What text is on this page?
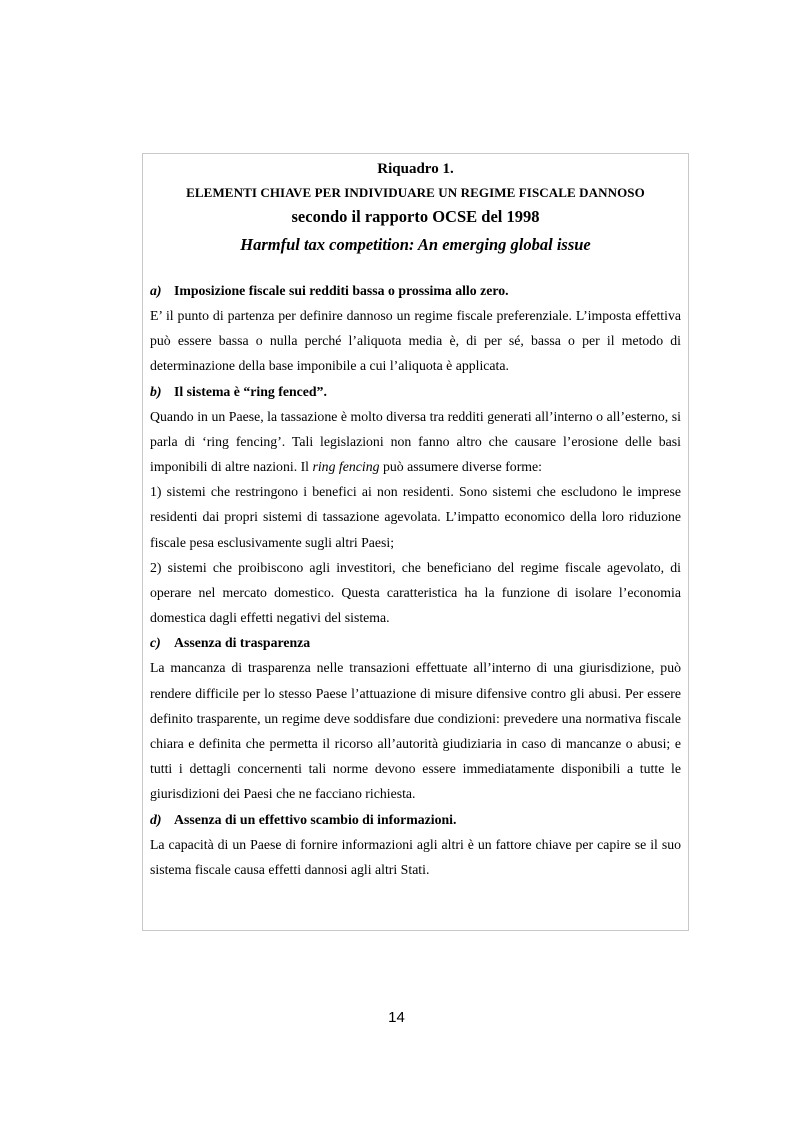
Riquadro 1.

ELEMENTI CHIAVE PER INDIVIDUARE UN REGIME FISCALE DANNOSO

secondo il rapporto OCSE del 1998

Harmful tax competition: An emerging global issue

a) Imposizione fiscale sui redditi bassa o prossima allo zero.

E’ il punto di partenza per definire dannoso un regime fiscale preferenziale. L’imposta effettiva può essere bassa o nulla perché l’aliquota media è, di per sé, bassa o per il metodo di determinazione della base imponibile a cui l’aliquota è applicata.

b) Il sistema è “ring fenced”.

Quando in un Paese, la tassazione è molto diversa tra redditi generati all’interno o all’esterno, si parla di ‘ring fencing’. Tali legislazioni non fanno altro che causare l’erosione delle basi imponibili di altre nazioni. Il ring fencing può assumere diverse forme:

1) sistemi che restringono i benefici ai non residenti. Sono sistemi che escludono le imprese residenti dai propri sistemi di tassazione agevolata. L’impatto economico della loro riduzione fiscale pesa esclusivamente sugli altri Paesi;

2) sistemi che proibiscono agli investitori, che beneficiano del regime fiscale agevolato, di operare nel mercato domestico. Questa caratteristica ha la funzione di isolare l’economia domestica dagli effetti negativi del sistema.

c) Assenza di trasparenza

La mancanza di trasparenza nelle transazioni effettuate all’interno di una giurisdizione, può rendere difficile per lo stesso Paese l’attuazione di misure difensive contro gli abusi. Per essere definito trasparente, un regime deve soddisfare due condizioni: prevedere una normativa fiscale chiara e definita che permetta il ricorso all’autorità giudiziaria in caso di mancanze o abusi; e tutti i dettagli concernenti tali norme devono essere immediatamente disponibili a tutte le giurisdizioni dei Paesi che ne facciano richiesta.

d) Assenza di un effettivo scambio di informazioni.

La capacità di un Paese di fornire informazioni agli altri è un fattore chiave per capire se il suo sistema fiscale causa effetti dannosi agli altri Stati.

14
